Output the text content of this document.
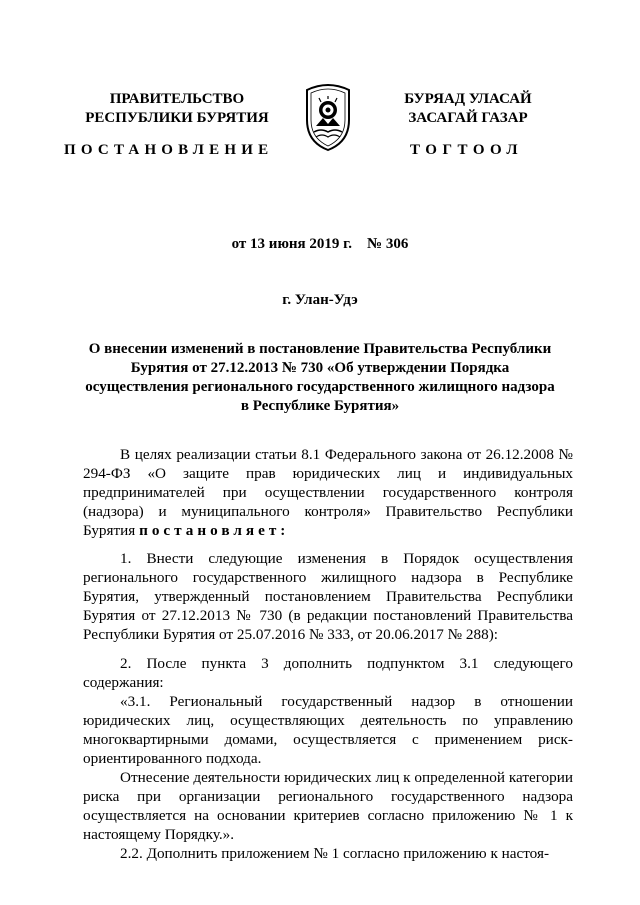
ПРАВИТЕЛЬСТВО
РЕСПУБЛИКИ БУРЯТИЯ
БУРЯАД УЛАСАЙ
ЗАСАГАЙ ГАЗАР
ПОСТАНОВЛЕНИЕ	ТОГТООЛ
от 13 июня 2019 г.    № 306
г. Улан-Удэ
О внесении изменений в постановление Правительства Республики Бурятия от 27.12.2013 № 730 «Об утверждении Порядка осуществления регионального государственного жилищного надзора в Республике Бурятия»

В целях реализации статьи 8.1 Федерального закона от 26.12.2008 № 294-ФЗ «О защите прав юридических лиц и индивидуальных предпринимателей при осуществлении государственного контроля (надзора) и муниципального контроля» Правительство Республики Бурятия постановляет:

1. Внести следующие изменения в Порядок осуществления регионального государственного жилищного надзора в Республике Бурятия, утвержденный постановлением Правительства Республики Бурятия от 27.12.2013 № 730 (в редакции постановлений Правительства Республики Бурятия от 25.07.2016 № 333, от 20.06.2017 № 288):

2. После пункта 3 дополнить подпунктом 3.1 следующего содержания:

«3.1. Региональный государственный надзор в отношении юридических лиц, осуществляющих деятельность по управлению многоквартирными домами, осуществляется с применением риск-ориентированного подхода.

Отнесение деятельности юридических лиц к определенной категории риска при организации регионального государственного надзора осуществляется на основании критериев согласно приложению № 1 к настоящему Порядку.».

2.2. Дополнить приложением № 1 согласно приложению к настоя-
